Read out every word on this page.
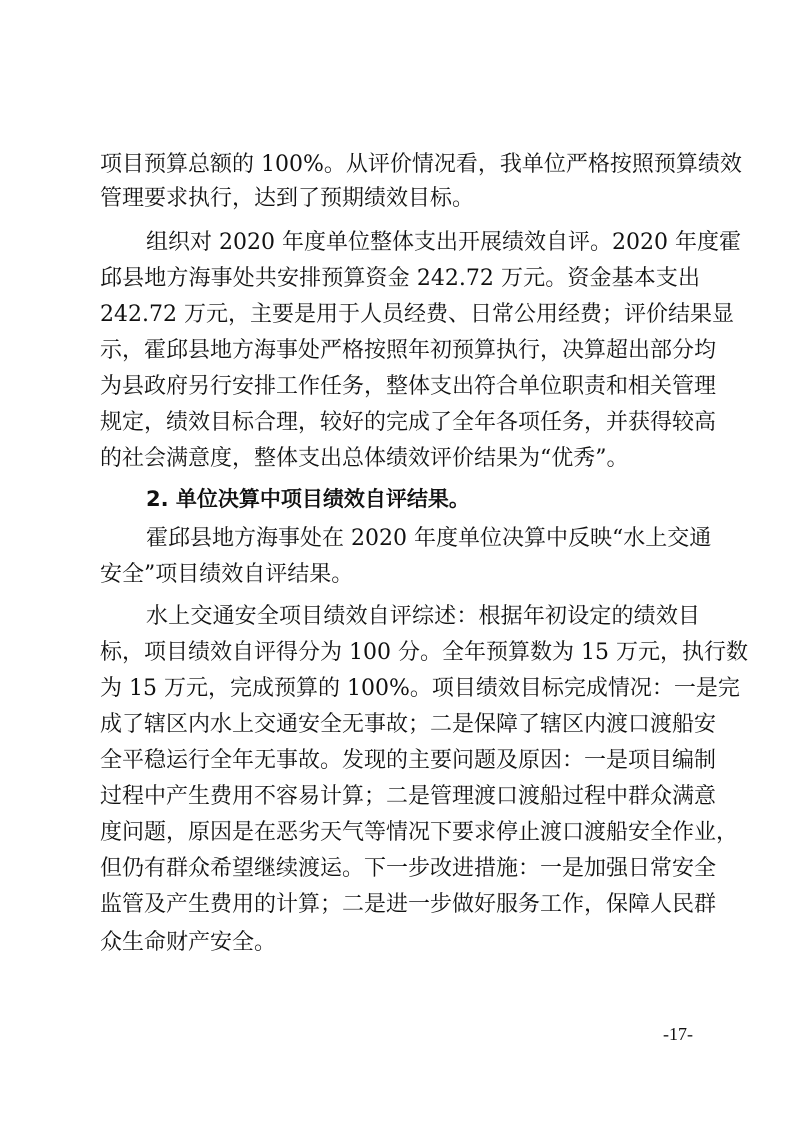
项目预算总额的 100%。从评价情况看，我单位严格按照预算绩效
管理要求执行，达到了预期绩效目标。
组织对 2020 年度单位整体支出开展绩效自评。2020 年度霍
邱县地方海事处共安排预算资金 242.72 万元。资金基本支出
242.72 万元，主要是用于人员经费、日常公用经费；评价结果显
示，霍邱县地方海事处严格按照年初预算执行，决算超出部分均
为县政府另行安排工作任务，整体支出符合单位职责和相关管理
规定，绩效目标合理，较好的完成了全年各项任务，并获得较高
的社会满意度，整体支出总体绩效评价结果为“优秀”。
2. 单位决算中项目绩效自评结果。
霍邱县地方海事处在 2020 年度单位决算中反映“水上交通
安全”项目绩效自评结果。
水上交通安全项目绩效自评综述：根据年初设定的绩效目
标，项目绩效自评得分为 100 分。全年预算数为 15 万元，执行数
为 15 万元，完成预算的 100%。项目绩效目标完成情况：一是完
成了辖区内水上交通安全无事故；二是保障了辖区内渡口渡船安
全平稳运行全年无事故。发现的主要问题及原因：一是项目编制
过程中产生费用不容易计算；二是管理渡口渡船过程中群众满意
度问题，原因是在恶劣天气等情况下要求停止渡口渡船安全作业，
但仍有群众希望继续渡运。下一步改进措施：一是加强日常安全
监管及产生费用的计算；二是进一步做好服务工作，保障人民群
众生命财产安全。
-17-
